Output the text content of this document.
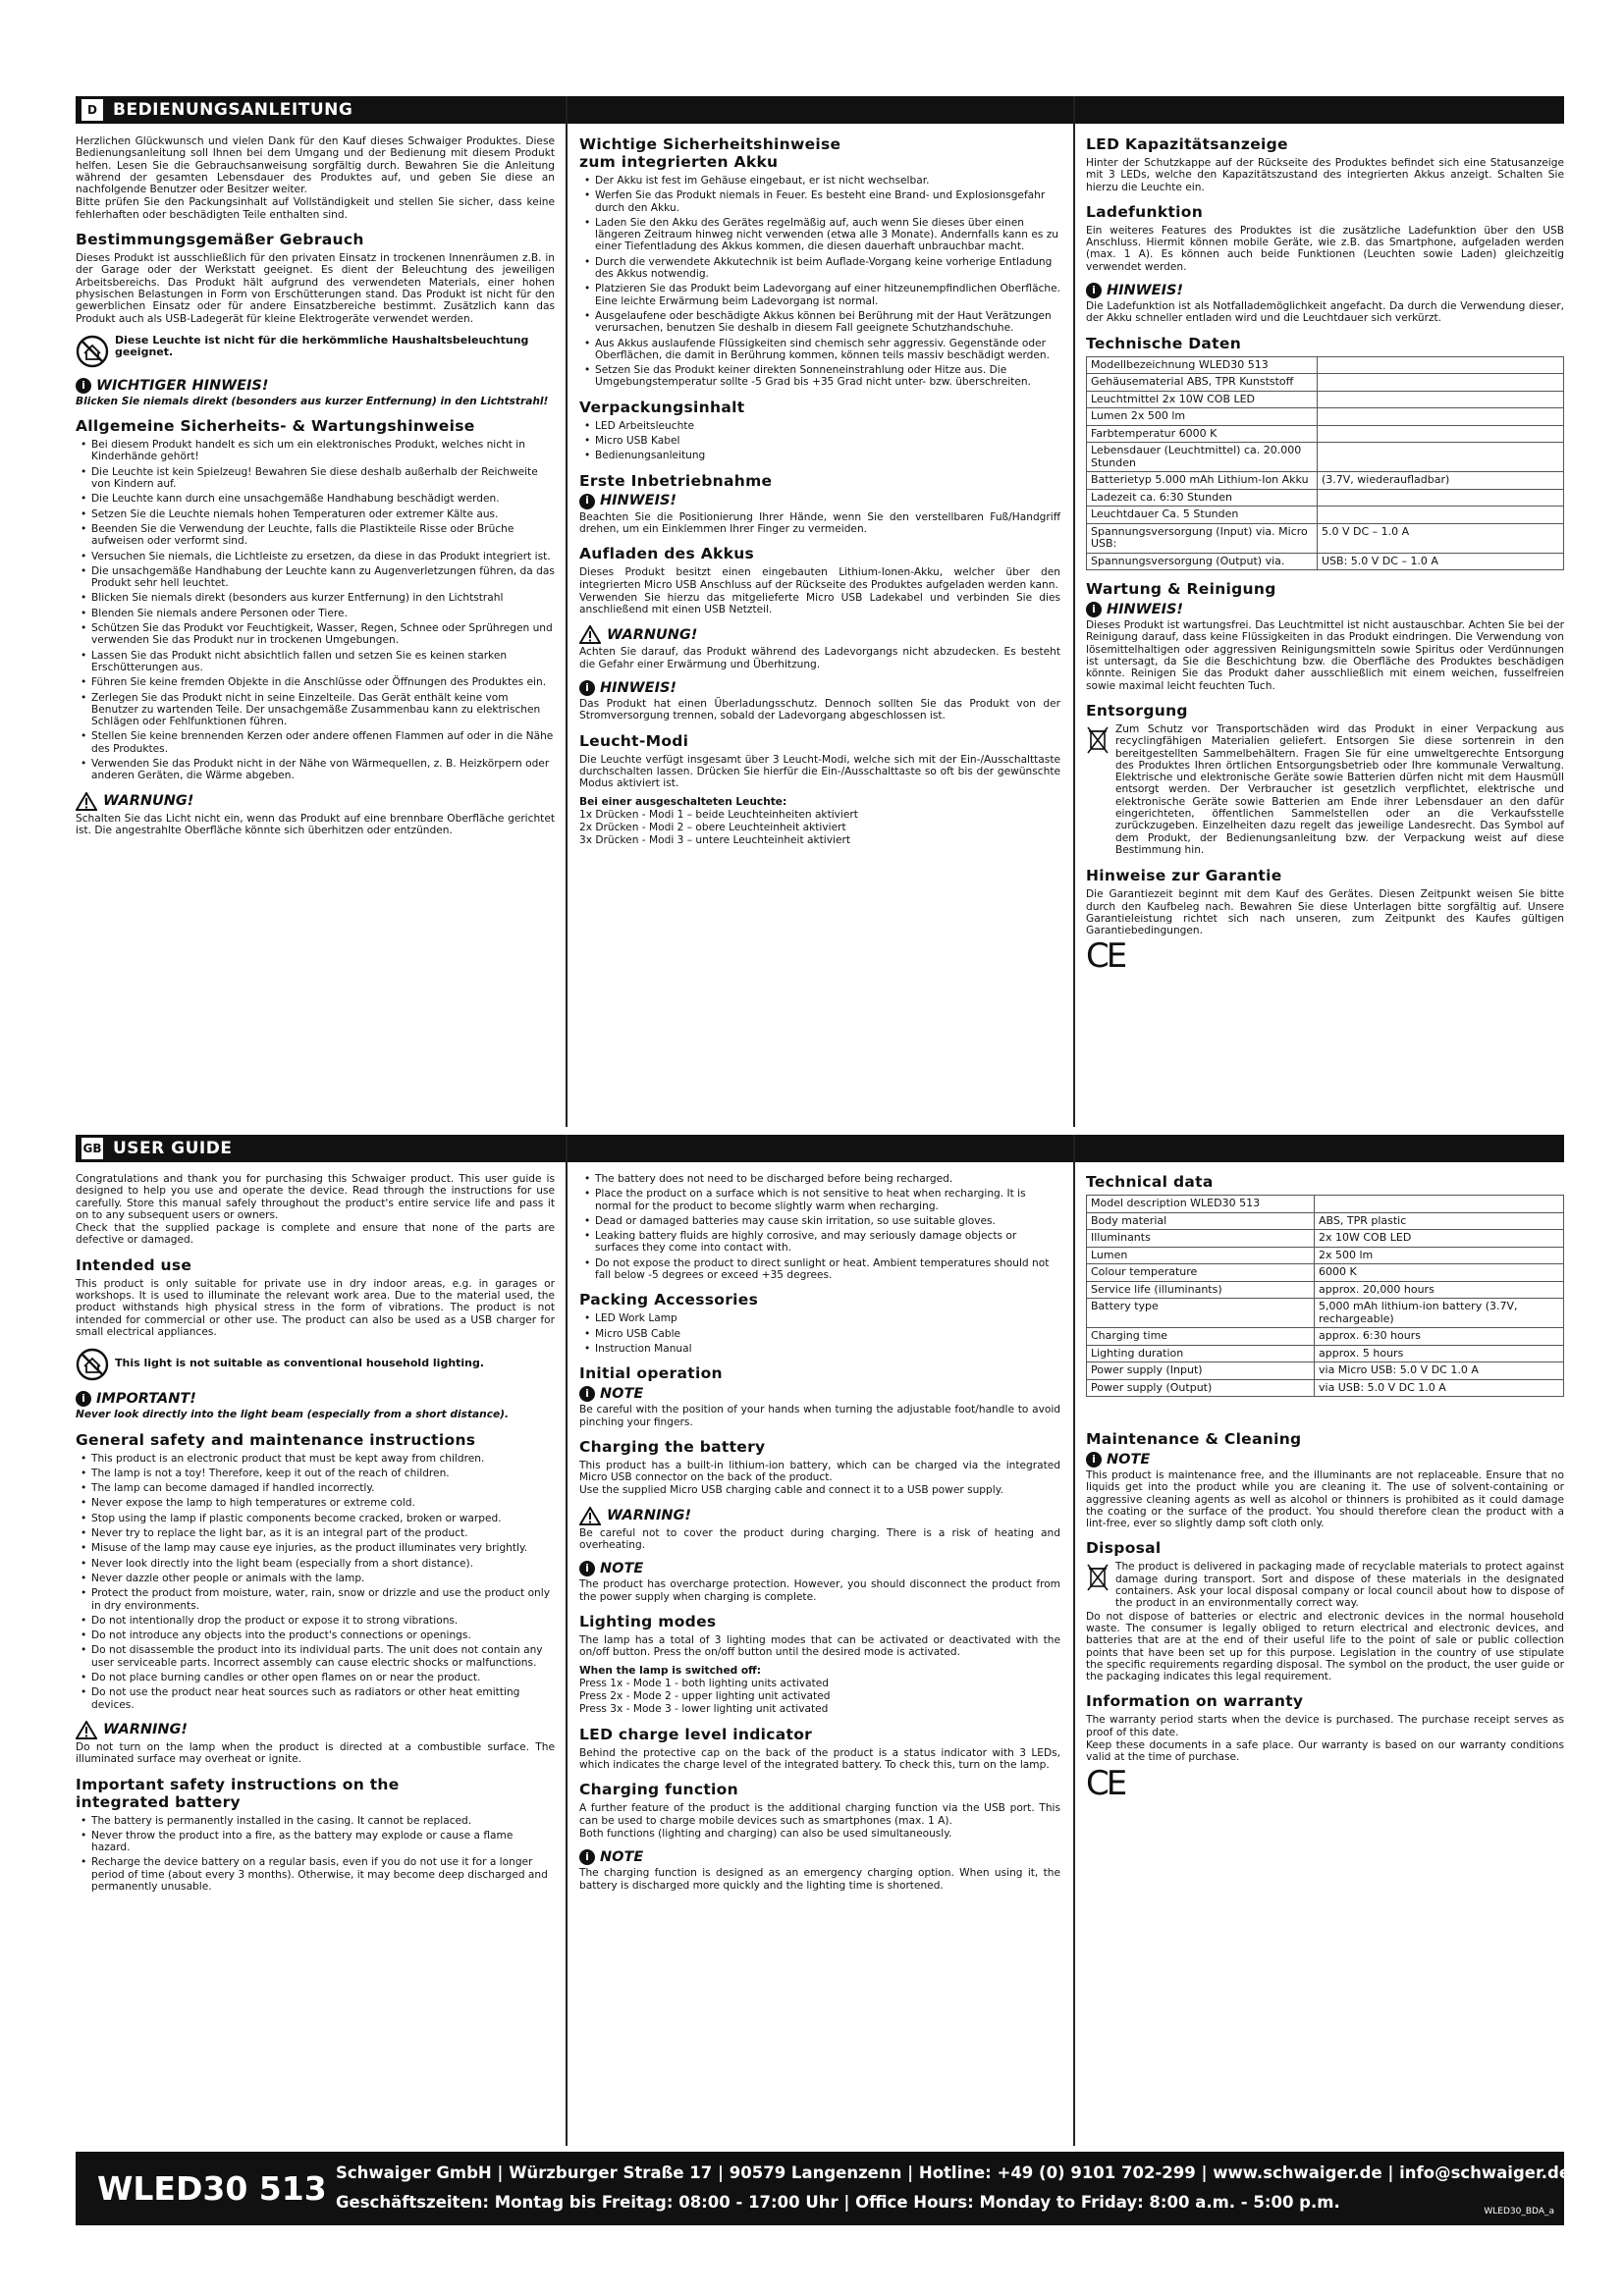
D BEDIENUNGSANLEITUNG

Herzlichen Glückwunsch und vielen Dank für den Kauf dieses Schwaiger Produktes. Diese Bedienungsanleitung soll Ihnen bei dem Umgang und der Bedienung mit diesem Produkt helfen. Lesen Sie die Gebrauchsanweisung sorgfältig durch. Bewahren Sie die Anleitung während der gesamten Lebensdauer des Produktes auf, und geben Sie diese an nachfolgende Benutzer oder Besitzer weiter.

Bitte prüfen Sie den Packungsinhalt auf Vollständigkeit und stellen Sie sicher, dass keine fehlerhaften oder beschädigten Teile enthalten sind.

Bestimmungsgemäßer Gebrauch

Dieses Produkt ist ausschließlich für den privaten Einsatz in trockenen Innenräumen z.B. in der Garage oder der Werkstatt geeignet. Es dient der Beleuchtung des jeweiligen Arbeitsbereichs. Das Produkt hält aufgrund des verwendeten Materials, einer hohen physischen Belastungen in Form von Erschütterungen stand. Das Produkt ist nicht für den gewerblichen Einsatz oder für andere Einsatzbereiche bestimmt. Zusätzlich kann das Produkt auch als USB-Ladegerät für kleine Elektrogeräte verwendet werden.

Diese Leuchte ist nicht für die herkömmliche Haushaltsbeleuchtung geeignet.
i WICHTIGER HINWEIS!

Blicken Sie niemals direkt (besonders aus kurzer Entfernung) in den Lichtstrahl!

Allgemeine Sicherheits- & Wartungshinweise
• Bei diesem Produkt handelt es sich um ein elektronisches Produkt, welches nicht in Kinderhände gehört!
• Die Leuchte ist kein Spielzeug! Bewahren Sie diese deshalb außerhalb der Reichweite von Kindern auf.
• Die Leuchte kann durch eine unsachgemäße Handhabung beschädigt werden.
• Setzen Sie die Leuchte niemals hohen Temperaturen oder extremer Kälte aus.
• Beenden Sie die Verwendung der Leuchte, falls die Plastikteile Risse oder Brüche aufweisen oder verformt sind.
• Versuchen Sie niemals, die Lichtleiste zu ersetzen, da diese in das Produkt integriert ist.
• Die unsachgemäße Handhabung der Leuchte kann zu Augenverletzungen führen, da das Produkt sehr hell leuchtet.
• Blicken Sie niemals direkt (besonders aus kurzer Entfernung) in den Lichtstrahl
• Blenden Sie niemals andere Personen oder Tiere.
• Schützen Sie das Produkt vor Feuchtigkeit, Wasser, Regen, Schnee oder Sprühregen und verwenden Sie das Produkt nur in trockenen Umgebungen.
• Lassen Sie das Produkt nicht absichtlich fallen und setzen Sie es keinen starken Erschütterungen aus.
• Führen Sie keine fremden Objekte in die Anschlüsse oder Öffnungen des Produktes ein.
• Zerlegen Sie das Produkt nicht in seine Einzelteile. Das Gerät enthält keine vom Benutzer zu wartenden Teile. Der unsachgemäße Zusammenbau kann zu elektrischen Schlägen oder Fehlfunktionen führen.
• Stellen Sie keine brennenden Kerzen oder andere offenen Flammen auf oder in die Nähe des Produktes.
• Verwenden Sie das Produkt nicht in der Nähe von Wärmequellen, z. B. Heizkörpern oder anderen Geräten, die Wärme abgeben.
WARNUNG!

Schalten Sie das Licht nicht ein, wenn das Produkt auf eine brennbare Oberfläche gerichtet ist. Die angestrahlte Oberfläche könnte sich überhitzen oder entzünden.

Wichtige Sicherheitshinweise zum integrierten Akku
• Der Akku ist fest im Gehäuse eingebaut, er ist nicht wechselbar.
• Werfen Sie das Produkt niemals in Feuer. Es besteht eine Brand- und Explosionsgefahr durch den Akku.
• Laden Sie den Akku des Gerätes regelmäßig auf, auch wenn Sie dieses über einen längeren Zeitraum hinweg nicht verwenden (etwa alle 3 Monate). Andernfalls kann es zu einer Tiefentladung des Akkus kommen, die diesen dauerhaft unbrauchbar macht.
• Durch die verwendete Akkutechnik ist beim Auflade-Vorgang keine vorherige Entladung des Akkus notwendig.
• Platzieren Sie das Produkt beim Ladevorgang auf einer hitzeunempfindlichen Oberfläche. Eine leichte Erwärmung beim Ladevorgang ist normal.
• Ausgelaufene oder beschädigte Akkus können bei Berührung mit der Haut Verätzungen verursachen, benutzen Sie deshalb in diesem Fall geeignete Schutzhandschuhe.
• Aus Akkus auslaufende Flüssigkeiten sind chemisch sehr aggressiv. Gegenstände oder Oberflächen, die damit in Berührung kommen, können teils massiv beschädigt werden.
• Setzen Sie das Produkt keiner direkten Sonneneinstrahlung oder Hitze aus. Die Umgebungstemperatur sollte -5 Grad bis +35 Grad nicht unter- bzw. überschreiten.
Verpackungsinhalt
• LED Arbeitsleuchte
• Micro USB Kabel
• Bedienungsanleitung
Erste Inbetriebnahme
i HINWEIS!

Beachten Sie die Positionierung Ihrer Hände, wenn Sie den verstellbaren Fuß/Handgriff drehen, um ein Einklemmen Ihrer Finger zu vermeiden.

Aufladen des Akkus

Dieses Produkt besitzt einen eingebauten Lithium-Ionen-Akku, welcher über den integrierten Micro USB Anschluss auf der Rückseite des Produktes aufgeladen werden kann.

Verwenden Sie hierzu das mitgelieferte Micro USB Ladekabel und verbinden Sie dies anschließend mit einen USB Netzteil.

WARNUNG!

Achten Sie darauf, das Produkt während des Ladevorgangs nicht abzudecken. Es besteht die Gefahr einer Erwärmung und Überhitzung.

i HINWEIS!

Das Produkt hat einen Überladungsschutz. Dennoch sollten Sie das Produkt von der Stromversorgung trennen, sobald der Ladevorgang abgeschlossen ist.

Leucht-Modi

Die Leuchte verfügt insgesamt über 3 Leucht-Modi, welche sich mit der Ein-/Ausschalttaste durchschalten lassen. Drücken Sie hierfür die Ein-/Ausschalttaste so oft bis der gewünschte Modus aktiviert ist.

Bei einer ausgeschalteten Leuchte:

1x Drücken - Modi 1 – beide Leuchteinheiten aktiviert

2x Drücken - Modi 2 – obere Leuchteinheit aktiviert

3x Drücken - Modi 3 – untere Leuchteinheit aktiviert

LED Kapazitätsanzeige

Hinter der Schutzkappe auf der Rückseite des Produktes befindet sich eine Statusanzeige mit 3 LEDs, welche den Kapazitätszustand des integrierten Akkus anzeigt. Schalten Sie hierzu die Leuchte ein.

Ladefunktion

Ein weiteres Features des Produktes ist die zusätzliche Ladefunktion über den USB Anschluss. Hiermit können mobile Geräte, wie z.B. das Smartphone, aufgeladen werden (max. 1 A). Es können auch beide Funktionen (Leuchten sowie Laden) gleichzeitig verwendet werden.

i HINWEIS!

Die Ladefunktion ist als Notfallademöglichkeit angefacht. Da durch die Verwendung dieser, der Akku schneller entladen wird und die Leuchtdauer sich verkürzt.

Technische Daten
Modellbezeichnung WLED30 513	
Gehäusematerial ABS, TPR Kunststoff	
Leuchtmittel 2x 10W COB LED	
Lumen 2x 500 lm	
Farbtemperatur 6000 K	
Lebensdauer (Leuchtmittel) ca. 20.000 Stunden	
Batterietyp 5.000 mAh Lithium-Ion Akku	(3.7V, wiederaufladbar)
Ladezeit ca. 6:30 Stunden	
Leuchtdauer Ca. 5 Stunden	
Spannungsversorgung (Input) via. Micro USB:	5.0 V DC – 1.0 A
Spannungsversorgung (Output) via.	USB: 5.0 V DC – 1.0 A
Wartung & Reinigung
i HINWEIS!

Dieses Produkt ist wartungsfrei. Das Leuchtmittel ist nicht austauschbar. Achten Sie bei der Reinigung darauf, dass keine Flüssigkeiten in das Produkt eindringen. Die Verwendung von lösemittelhaltigen oder aggressiven Reinigungsmitteln sowie Spiritus oder Verdünnungen ist untersagt, da Sie die Beschichtung bzw. die Oberfläche des Produktes beschädigen könnte. Reinigen Sie das Produkt daher ausschließlich mit einem weichen, fusselfreien sowie maximal leicht feuchten Tuch.

Entsorgung

Zum Schutz vor Transportschäden wird das Produkt in einer Verpackung aus recyclingfähigen Materialien geliefert. Entsorgen Sie diese sortenrein in den bereitgestellten Sammelbehältern. Fragen Sie für eine umweltgerechte Entsorgung des Produktes Ihren örtlichen Entsorgungsbetrieb oder Ihre kommunale Verwaltung. Elektrische und elektronische Geräte sowie Batterien dürfen nicht mit dem Hausmüll entsorgt werden. Der Verbraucher ist gesetzlich verpflichtet, elektrische und elektronische Geräte sowie Batterien am Ende ihrer Lebensdauer an den dafür eingerichteten, öffentlichen Sammelstellen oder an die Verkaufsstelle zurückzugeben. Einzelheiten dazu regelt das jeweilige Landesrecht. Das Symbol auf dem Produkt, der Bedienungsanleitung bzw. der Verpackung weist auf diese Bestimmung hin.

Hinweise zur Garantie

Die Garantiezeit beginnt mit dem Kauf des Gerätes. Diesen Zeitpunkt weisen Sie bitte durch den Kaufbeleg nach. Bewahren Sie diese Unterlagen bitte sorgfältig auf. Unsere Garantieleistung richtet sich nach unseren, zum Zeitpunkt des Kaufes gültigen Garantiebedingungen.

CE
GB USER GUIDE

Congratulations and thank you for purchasing this Schwaiger product. This user guide is designed to help you use and operate the device. Read through the instructions for use carefully. Store this manual safely throughout the product's entire service life and pass it on to any subsequent users or owners.

Check that the supplied package is complete and ensure that none of the parts are defective or damaged.

Intended use

This product is only suitable for private use in dry indoor areas, e.g. in garages or workshops. It is used to illuminate the relevant work area. Due to the material used, the product withstands high physical stress in the form of vibrations. The product is not intended for commercial or other use. The product can also be used as a USB charger for small electrical appliances.

This light is not suitable as conventional household lighting.
i IMPORTANT!

Never look directly into the light beam (especially from a short distance).

General safety and maintenance instructions
• This product is an electronic product that must be kept away from children.
• The lamp is not a toy! Therefore, keep it out of the reach of children.
• The lamp can become damaged if handled incorrectly.
• Never expose the lamp to high temperatures or extreme cold.
• Stop using the lamp if plastic components become cracked, broken or warped.
• Never try to replace the light bar, as it is an integral part of the product.
• Misuse of the lamp may cause eye injuries, as the product illuminates very brightly.
• Never look directly into the light beam (especially from a short distance).
• Never dazzle other people or animals with the lamp.
• Protect the product from moisture, water, rain, snow or drizzle and use the product only in dry environments.
• Do not intentionally drop the product or expose it to strong vibrations.
• Do not introduce any objects into the product's connections or openings.
• Do not disassemble the product into its individual parts. The unit does not contain any user serviceable parts. Incorrect assembly can cause electric shocks or malfunctions.
• Do not place burning candles or other open flames on or near the product.
• Do not use the product near heat sources such as radiators or other heat emitting devices.
WARNING!

Do not turn on the lamp when the product is directed at a combustible surface. The illuminated surface may overheat or ignite.

Important safety instructions on the integrated battery
• The battery is permanently installed in the casing. It cannot be replaced.
• Never throw the product into a fire, as the battery may explode or cause a flame hazard.
• Recharge the device battery on a regular basis, even if you do not use it for a longer period of time (about every 3 months). Otherwise, it may become deep discharged and permanently unusable.
• The battery does not need to be discharged before being recharged.
• Place the product on a surface which is not sensitive to heat when recharging. It is normal for the product to become slightly warm when recharging.
• Dead or damaged batteries may cause skin irritation, so use suitable gloves.
• Leaking battery fluids are highly corrosive, and may seriously damage objects or surfaces they come into contact with.
• Do not expose the product to direct sunlight or heat. Ambient temperatures should not fall below -5 degrees or exceed +35 degrees.
Packing Accessories
• LED Work Lamp
• Micro USB Cable
• Instruction Manual
Initial operation
i NOTE

Be careful with the position of your hands when turning the adjustable foot/handle to avoid pinching your fingers.

Charging the battery

This product has a built-in lithium-ion battery, which can be charged via the integrated Micro USB connector on the back of the product.

Use the supplied Micro USB charging cable and connect it to a USB power supply.

WARNING!

Be careful not to cover the product during charging. There is a risk of heating and overheating.

i NOTE

The product has overcharge protection. However, you should disconnect the product from the power supply when charging is complete.

Lighting modes

The lamp has a total of 3 lighting modes that can be activated or deactivated with the on/off button. Press the on/off button until the desired mode is activated.

When the lamp is switched off:

Press 1x - Mode 1 - both lighting units activated

Press 2x - Mode 2 - upper lighting unit activated

Press 3x - Mode 3 - lower lighting unit activated

LED charge level indicator

Behind the protective cap on the back of the product is a status indicator with 3 LEDs, which indicates the charge level of the integrated battery. To check this, turn on the lamp.

Charging function

A further feature of the product is the additional charging function via the USB port. This can be used to charge mobile devices such as smartphones (max. 1 A).

Both functions (lighting and charging) can also be used simultaneously.

i NOTE

The charging function is designed as an emergency charging option. When using it, the battery is discharged more quickly and the lighting time is shortened.

Technical data
Model description WLED30 513	
Body material	ABS, TPR plastic
Illuminants	2x 10W COB LED
Lumen	2x 500 lm
Colour temperature	6000 K
Service life (illuminants)	approx. 20,000 hours
Battery type	5,000 mAh lithium-ion battery (3.7V, rechargeable)
Charging time	approx. 6:30 hours
Lighting duration	approx. 5 hours
Power supply (Input)	via Micro USB: 5.0 V DC 1.0 A
Power supply (Output)	via USB: 5.0 V DC 1.0 A
Maintenance & Cleaning
i NOTE

This product is maintenance free, and the illuminants are not replaceable. Ensure that no liquids get into the product while you are cleaning it. The use of solvent-containing or aggressive cleaning agents as well as alcohol or thinners is prohibited as it could damage the coating or the surface of the product. You should therefore clean the product with a lint-free, ever so slightly damp soft cloth only.

Disposal

The product is delivered in packaging made of recyclable materials to protect against damage during transport. Sort and dispose of these materials in the designated containers. Ask your local disposal company or local council about how to dispose of the product in an environmentally correct way.

Do not dispose of batteries or electric and electronic devices in the normal household waste. The consumer is legally obliged to return electrical and electronic devices, and batteries that are at the end of their useful life to the point of sale or public collection points that have been set up for this purpose. Legislation in the country of use stipulate the specific requirements regarding disposal. The symbol on the product, the user guide or the packaging indicates this legal requirement.

Information on warranty

The warranty period starts when the device is purchased. The purchase receipt serves as proof of this date.

Keep these documents in a safe place. Our warranty is based on our warranty conditions valid at the time of purchase.

CE
WLED30 513 Schwaiger GmbH | Würzburger Straße 17 | 90579 Langenzenn | Hotline: +49 (0) 9101 702-299 | www.schwaiger.de | info@schwaiger.de
Geschäftszeiten: Montag bis Freitag: 08:00 - 17:00 Uhr | Office Hours: Monday to Friday: 8:00 a.m. - 5:00 p.m.	WLED30_BDA_a
